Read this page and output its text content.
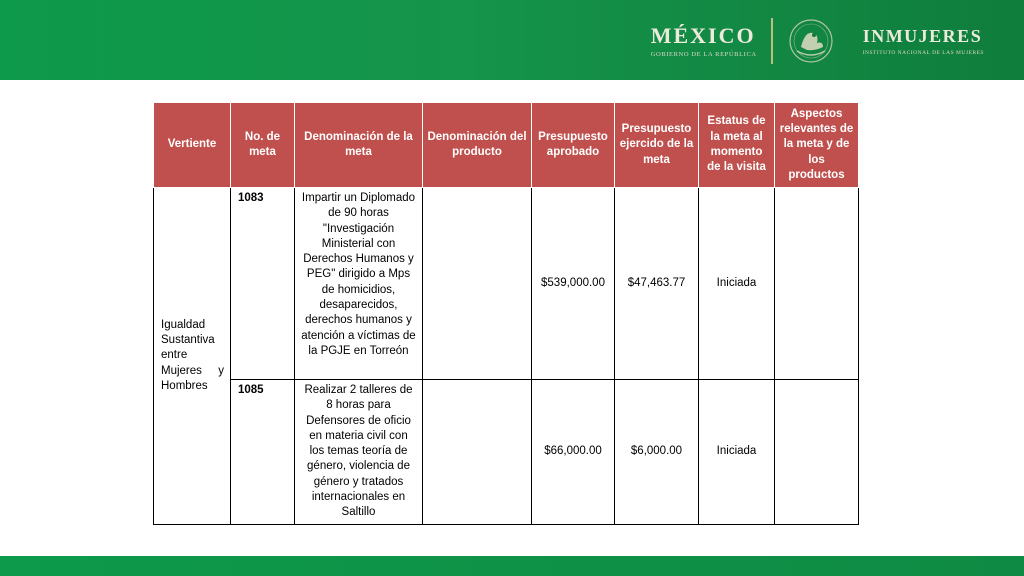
MÉXICO
GOBIERNO DE LA REPÚBLICA
INMUJERES
INSTITUTO NACIONAL DE LAS MUJERES
Vertiente	No. de meta	Denominación de la meta	Denominación del producto	Presupuesto aprobado	Presupuesto ejercido de la meta	Estatus de la meta al momento de la visita	Aspectos relevantes de la meta y de los productos

Igualdad
Sustantiva
entre
Mujeres y
Hombres	1083	Impartir un Diplomado de 90 horas "Investigación Ministerial con Derechos Humanos y PEG" dirigido a Mps de homicidios, desaparecidos, derechos humanos y atención a víctimas de la PGJE en Torreón		$539,000.00	$47,463.77	Iniciada	
	1085	Realizar 2 talleres de 8 horas para Defensores de oficio en materia civil con los temas teoría de género, violencia de género y tratados internacionales en Saltillo		$66,000.00	$6,000.00	Iniciada	
